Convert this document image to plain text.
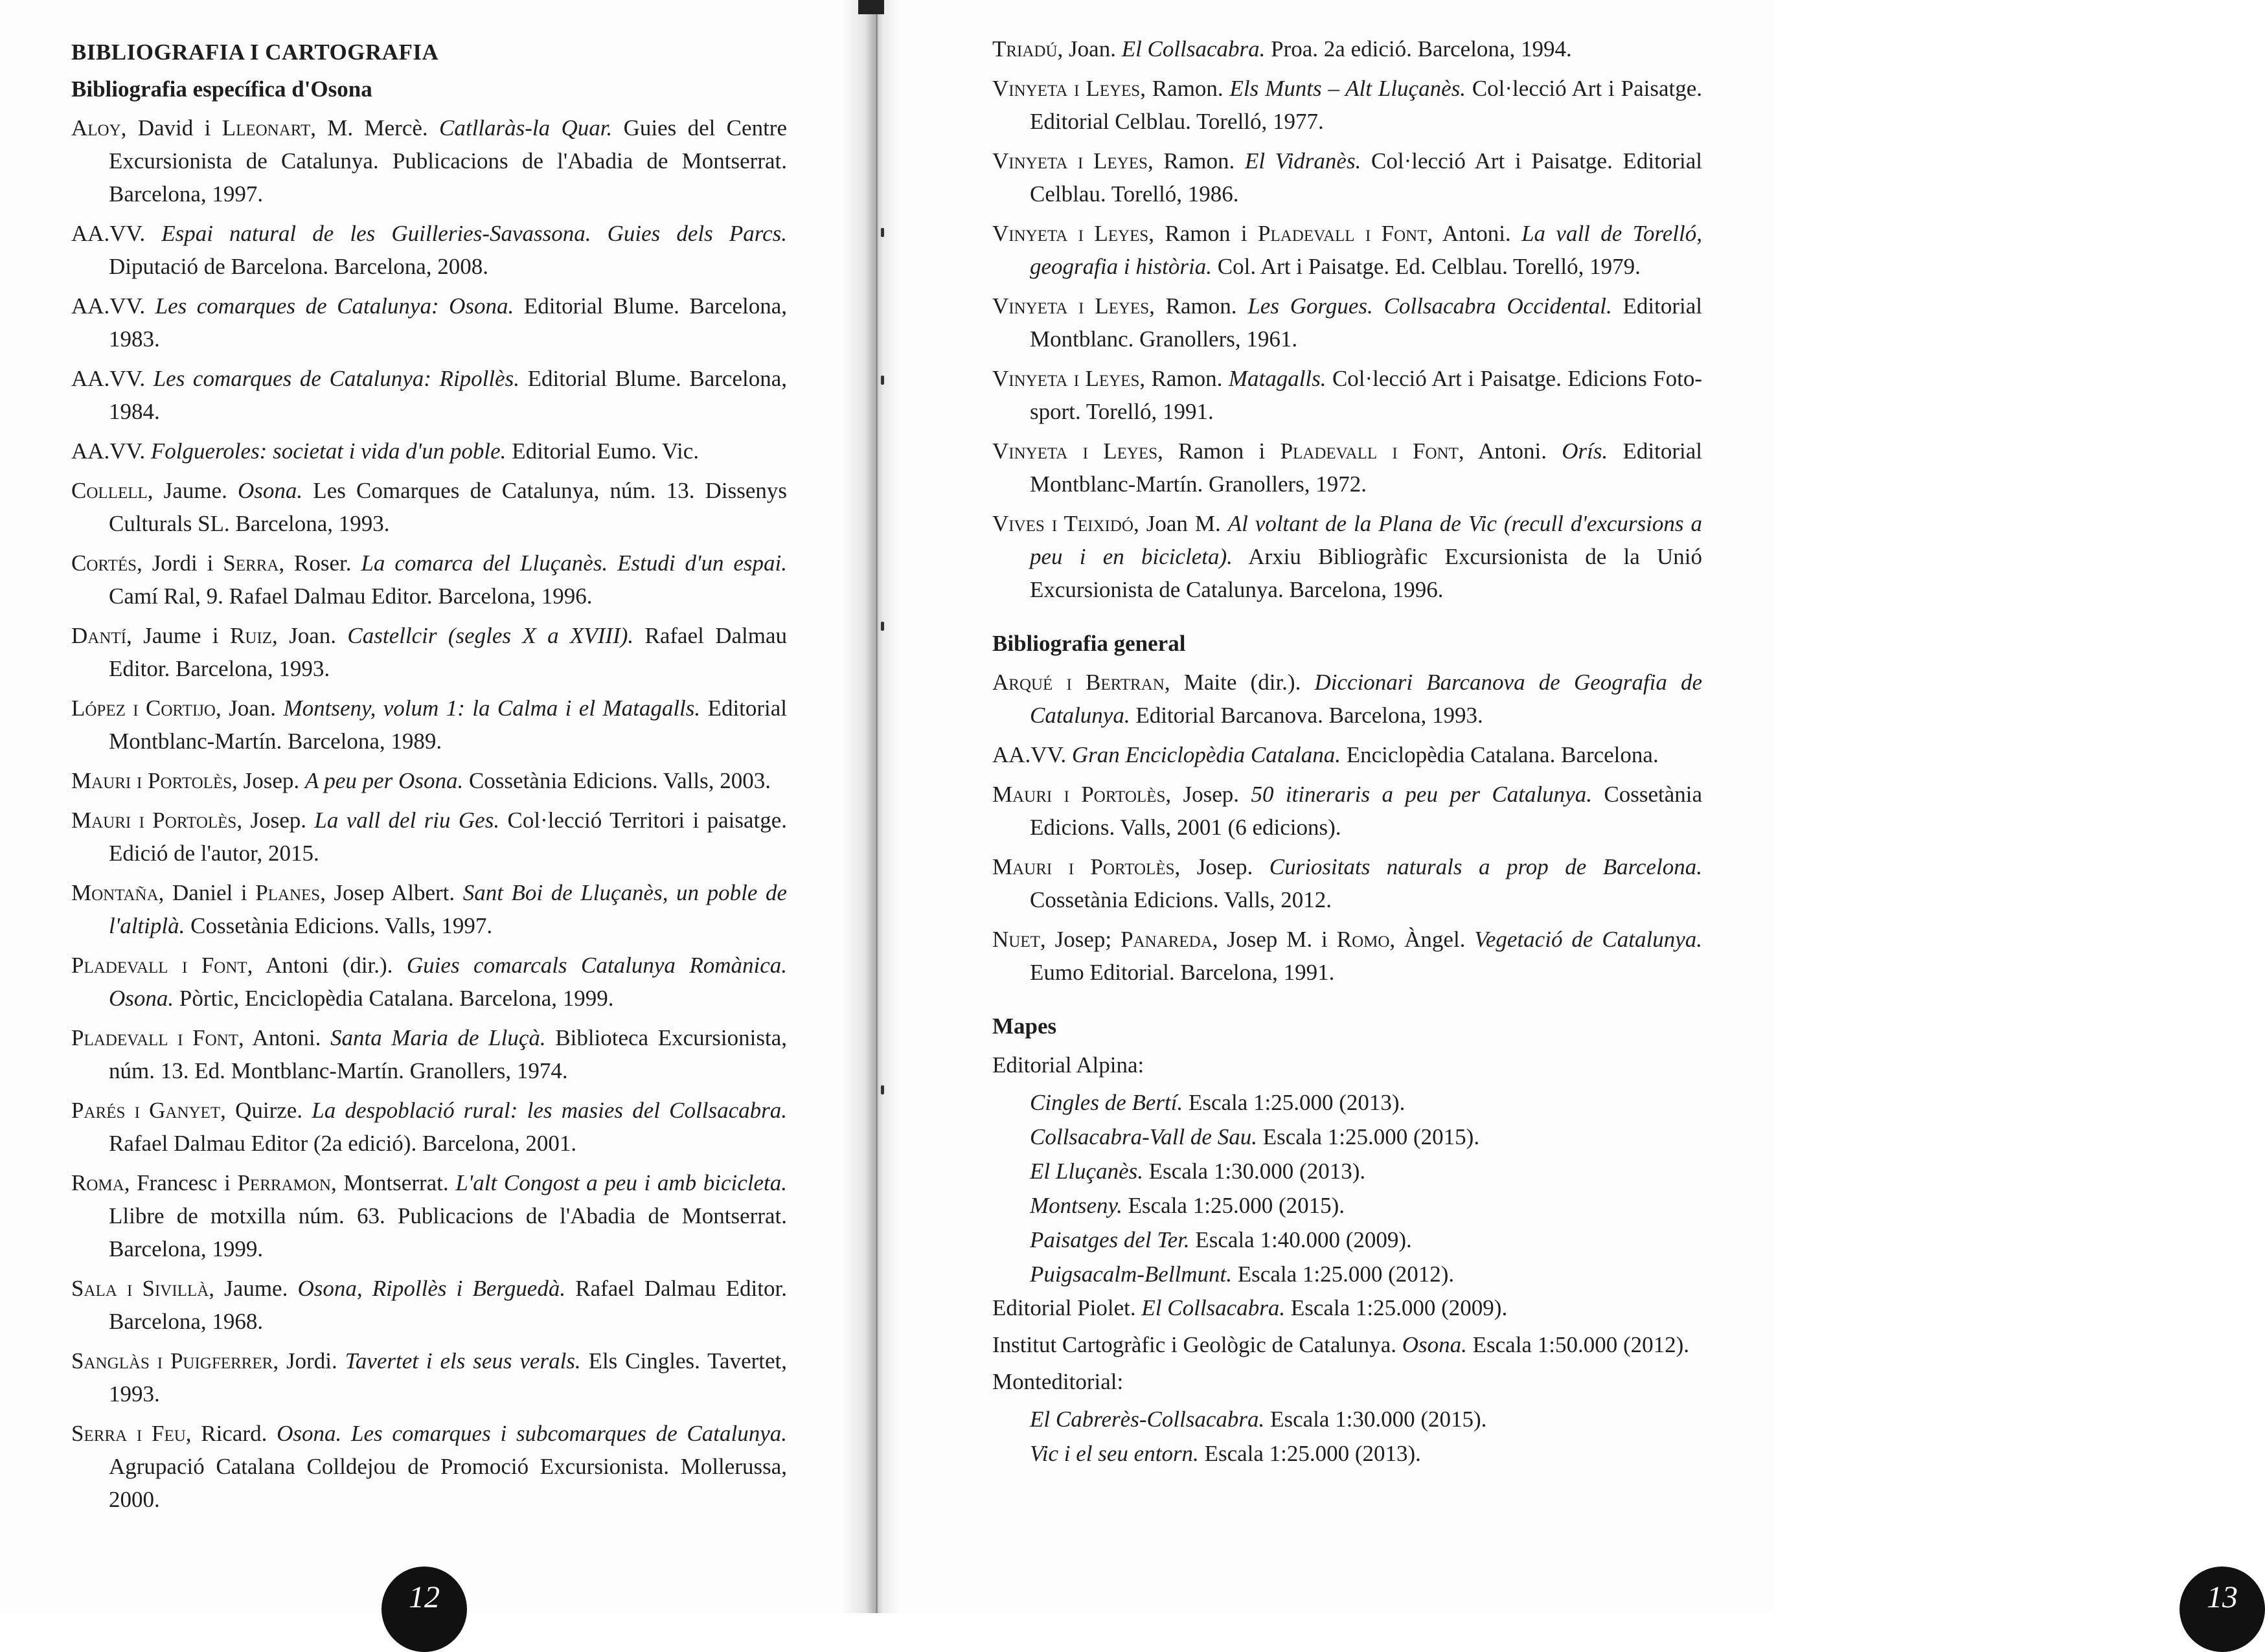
BIBLIOGRAFIA I CARTOGRAFIA
Bibliografia específica d'Osona

Aloy, David i Lleonart, M. Mercè. Catllaràs-la Quar. Guies del Centre Excursionista de Catalunya. Publicacions de l'Abadia de Montserrat. Barcelona, 1997.

AA.VV. Espai natural de les Guilleries-Savassona. Guies dels Parcs. Diputació de Barcelona. Barcelona, 2008.

AA.VV. Les comarques de Catalunya: Osona. Editorial Blume. Barcelona, 1983.

AA.VV. Les comarques de Catalunya: Ripollès. Editorial Blume. Barcelona, 1984.

AA.VV. Folgueroles: societat i vida d'un poble. Editorial Eumo. Vic.

Collell, Jaume. Osona. Les Comarques de Catalunya, núm. 13. Dissenys Culturals SL. Barcelona, 1993.

Cortés, Jordi i Serra, Roser. La comarca del Lluçanès. Estudi d'un espai. Camí Ral, 9. Rafael Dalmau Editor. Barcelona, 1996.

Dantí, Jaume i Ruiz, Joan. Castellcir (segles X a XVIII). Rafael Dalmau Editor. Barcelona, 1993.

López i Cortijo, Joan. Montseny, volum 1: la Calma i el Matagalls. Editorial Montblanc-Martín. Barcelona, 1989.

Mauri i Portolès, Josep. A peu per Osona. Cossetània Edicions. Valls, 2003.

Mauri i Portolès, Josep. La vall del riu Ges. Col·lecció Territori i paisatge. Edició de l'autor, 2015.

Montaña, Daniel i Planes, Josep Albert. Sant Boi de Lluçanès, un poble de l'altiplà. Cossetània Edicions. Valls, 1997.

Pladevall i Font, Antoni (dir.). Guies comarcals Catalunya Romànica. Osona. Pòrtic, Enciclopèdia Catalana. Barcelona, 1999.

Pladevall i Font, Antoni. Santa Maria de Lluçà. Biblioteca Excursionista, núm. 13. Ed. Montblanc-Martín. Granollers, 1974.

Parés i Ganyet, Quirze. La despoblació rural: les masies del Collsacabra. Rafael Dalmau Editor (2a edició). Barcelona, 2001.

Roma, Francesc i Perramon, Montserrat. L'alt Congost a peu i amb bicicleta. Llibre de motxilla núm. 63. Publicacions de l'Abadia de Montserrat. Barcelona, 1999.

Sala i Sivillà, Jaume. Osona, Ripollès i Berguedà. Rafael Dalmau Editor. Barcelona, 1968.

Sanglàs i Puigferrer, Jordi. Tavertet i els seus verals. Els Cingles. Tavertet, 1993.

Serra i Feu, Ricard. Osona. Les comarques i subcomarques de Catalunya. Agrupació Catalana Colldejou de Promoció Excursionista. Mollerussa, 2000.

12

Triadú, Joan. El Collsacabra. Proa. 2a edició. Barcelona, 1994.

Vinyeta i Leyes, Ramon. Els Munts – Alt Lluçanès. Col·lecció Art i Paisatge. Editorial Celblau. Torelló, 1977.

Vinyeta i Leyes, Ramon. El Vidranès. Col·lecció Art i Paisatge. Editorial Celblau. Torelló, 1986.

Vinyeta i Leyes, Ramon i Pladevall i Font, Antoni. La vall de Torelló, geografia i història. Col. Art i Paisatge. Ed. Celblau. Torelló, 1979.

Vinyeta i Leyes, Ramon. Les Gorgues. Collsacabra Occidental. Editorial Montblanc. Granollers, 1961.

Vinyeta i Leyes, Ramon. Matagalls. Col·lecció Art i Paisatge. Edicions Foto-sport. Torelló, 1991.

Vinyeta i Leyes, Ramon i Pladevall i Font, Antoni. Orís. Editorial Montblanc-Martín. Granollers, 1972.

Vives i Teixidó, Joan M. Al voltant de la Plana de Vic (recull d'excursions a peu i en bicicleta). Arxiu Bibliogràfic Excursionista de la Unió Excursionista de Catalunya. Barcelona, 1996.

Bibliografia general

Arqué i Bertran, Maite (dir.). Diccionari Barcanova de Geografia de Catalunya. Editorial Barcanova. Barcelona, 1993.

AA.VV. Gran Enciclopèdia Catalana. Enciclopèdia Catalana. Barcelona.

Mauri i Portolès, Josep. 50 itineraris a peu per Catalunya. Cossetània Edicions. Valls, 2001 (6 edicions).

Mauri i Portolès, Josep. Curiositats naturals a prop de Barcelona. Cossetània Edicions. Valls, 2012.

Nuet, Josep; Panareda, Josep M. i Romo, Àngel. Vegetació de Catalunya. Eumo Editorial. Barcelona, 1991.

Mapes
Editorial Alpina:
Cingles de Bertí. Escala 1:25.000 (2013).
Collsacabra-Vall de Sau. Escala 1:25.000 (2015).
El Lluçanès. Escala 1:30.000 (2013).
Montseny. Escala 1:25.000 (2015).
Paisatges del Ter. Escala 1:40.000 (2009).
Puigsacalm-Bellmunt. Escala 1:25.000 (2012).
Editorial Piolet. El Collsacabra. Escala 1:25.000 (2009).
Institut Cartogràfic i Geològic de Catalunya. Osona. Escala 1:50.000 (2012).
Monteditorial:
El Cabrerès-Collsacabra. Escala 1:30.000 (2015).
Vic i el seu entorn. Escala 1:25.000 (2013).
13
